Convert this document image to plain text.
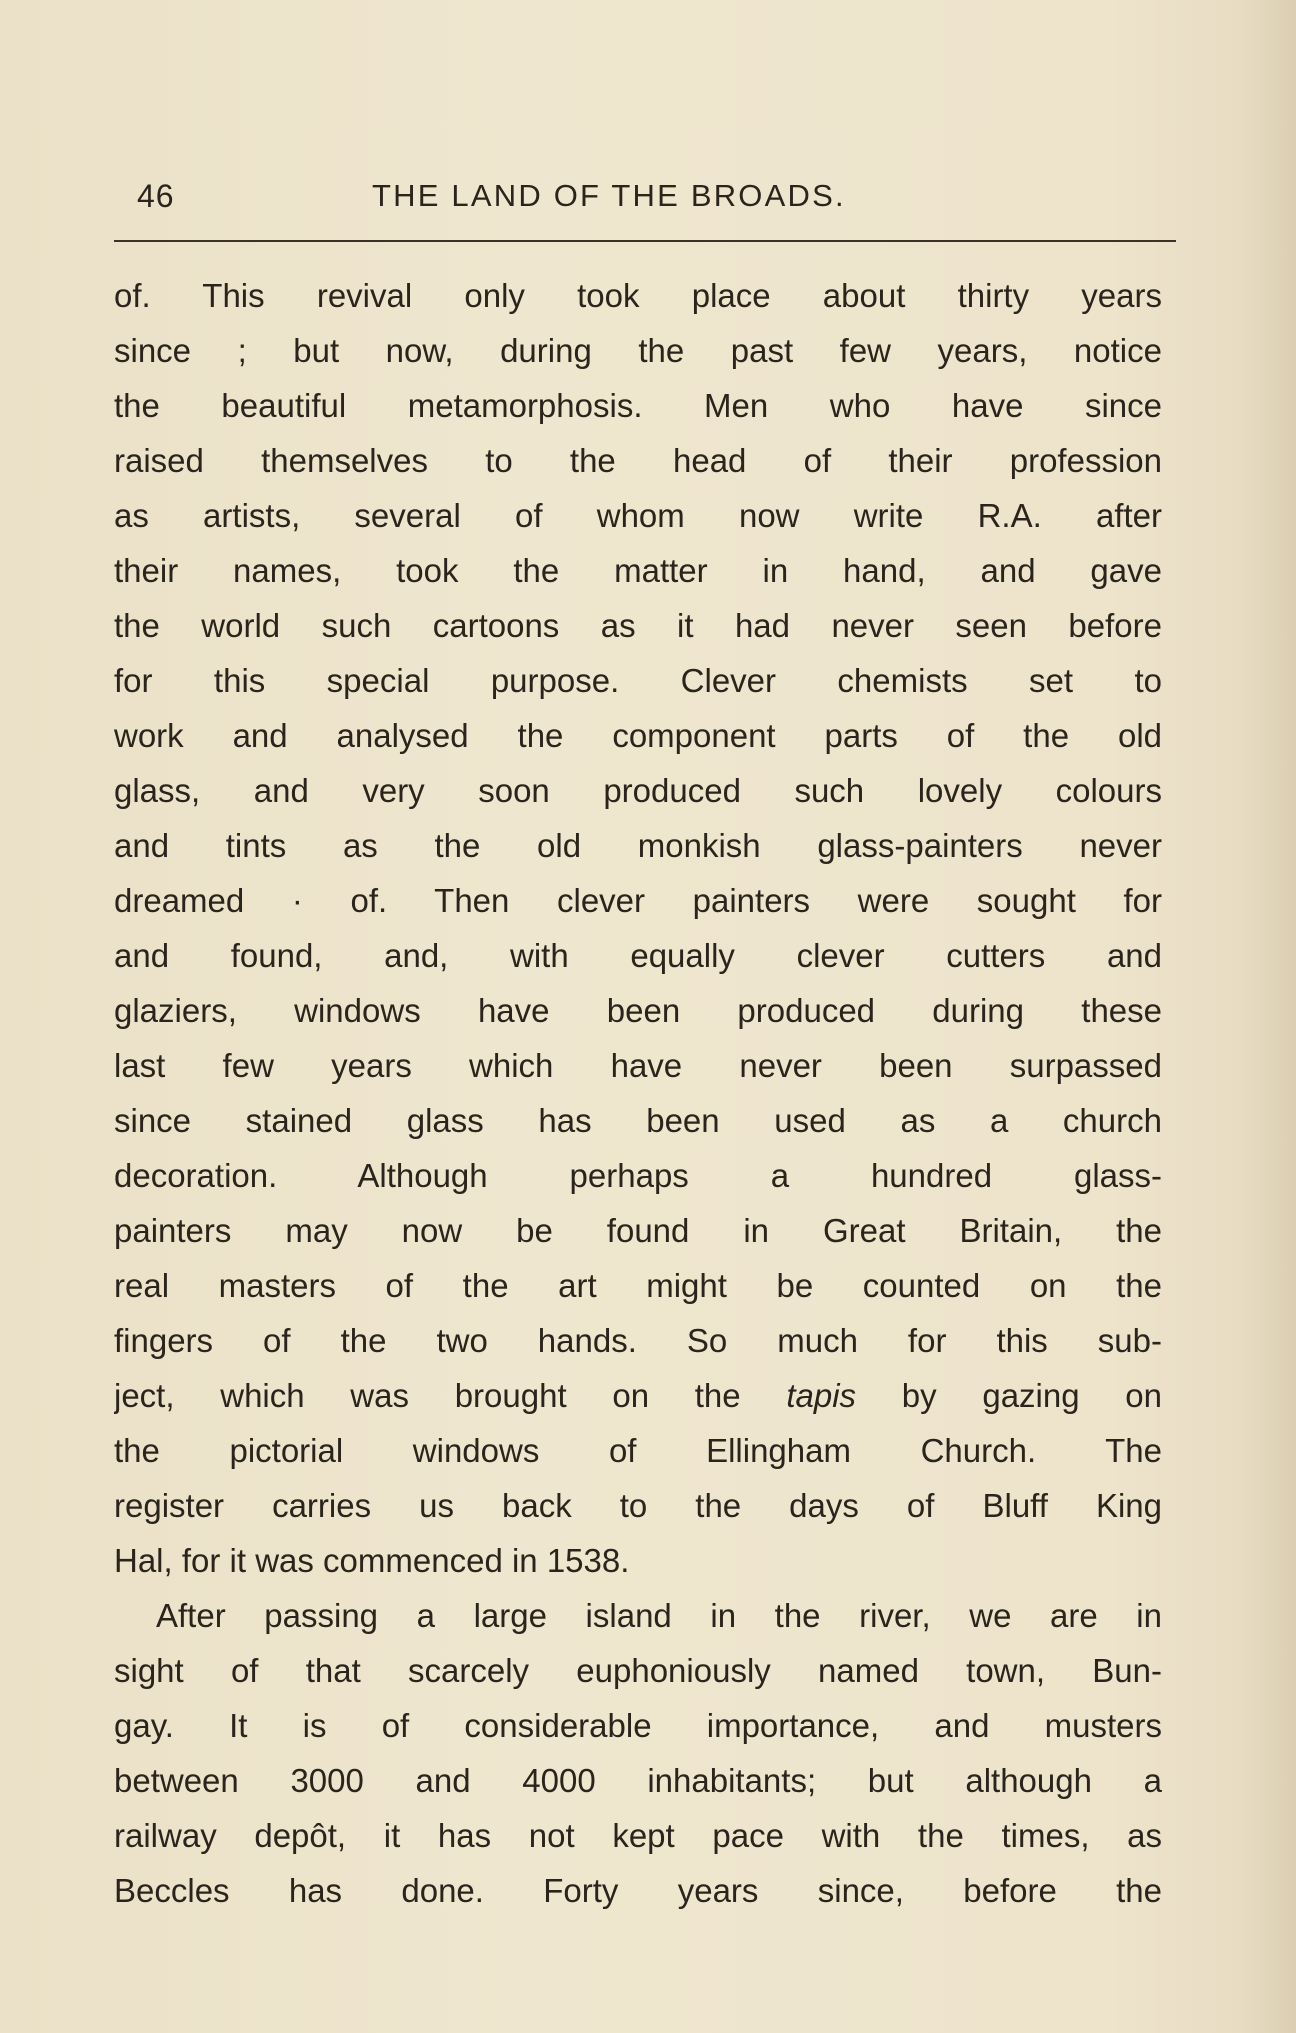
46	THE LAND OF THE BROADS.
of. This revival only took place about thirty years
since ; but now, during the past few years, notice
the beautiful metamorphosis. Men who have since
raised themselves to the head of their profession
as artists, several of whom now write R.A. after
their names, took the matter in hand, and gave
the world such cartoons as it had never seen before
for this special purpose. Clever chemists set to
work and analysed the component parts of the old
glass, and very soon produced such lovely colours
and tints as the old monkish glass-painters never
dreamed · of. Then clever painters were sought for
and found, and, with equally clever cutters and
glaziers, windows have been produced during these
last few years which have never been surpassed
since stained glass has been used as a church
decoration. Although perhaps a hundred glass-
painters may now be found in Great Britain, the
real masters of the art might be counted on the
fingers of the two hands. So much for this sub-
ject, which was brought on the tapis by gazing on
the pictorial windows of Ellingham Church. The
register carries us back to the days of Bluff King
Hal, for it was commenced in 1538.
After passing a large island in the river, we are in
sight of that scarcely euphoniously named town, Bun-
gay. It is of considerable importance, and musters
between 3000 and 4000 inhabitants; but although a
railway depôt, it has not kept pace with the times, as
Beccles has done. Forty years since, before the
